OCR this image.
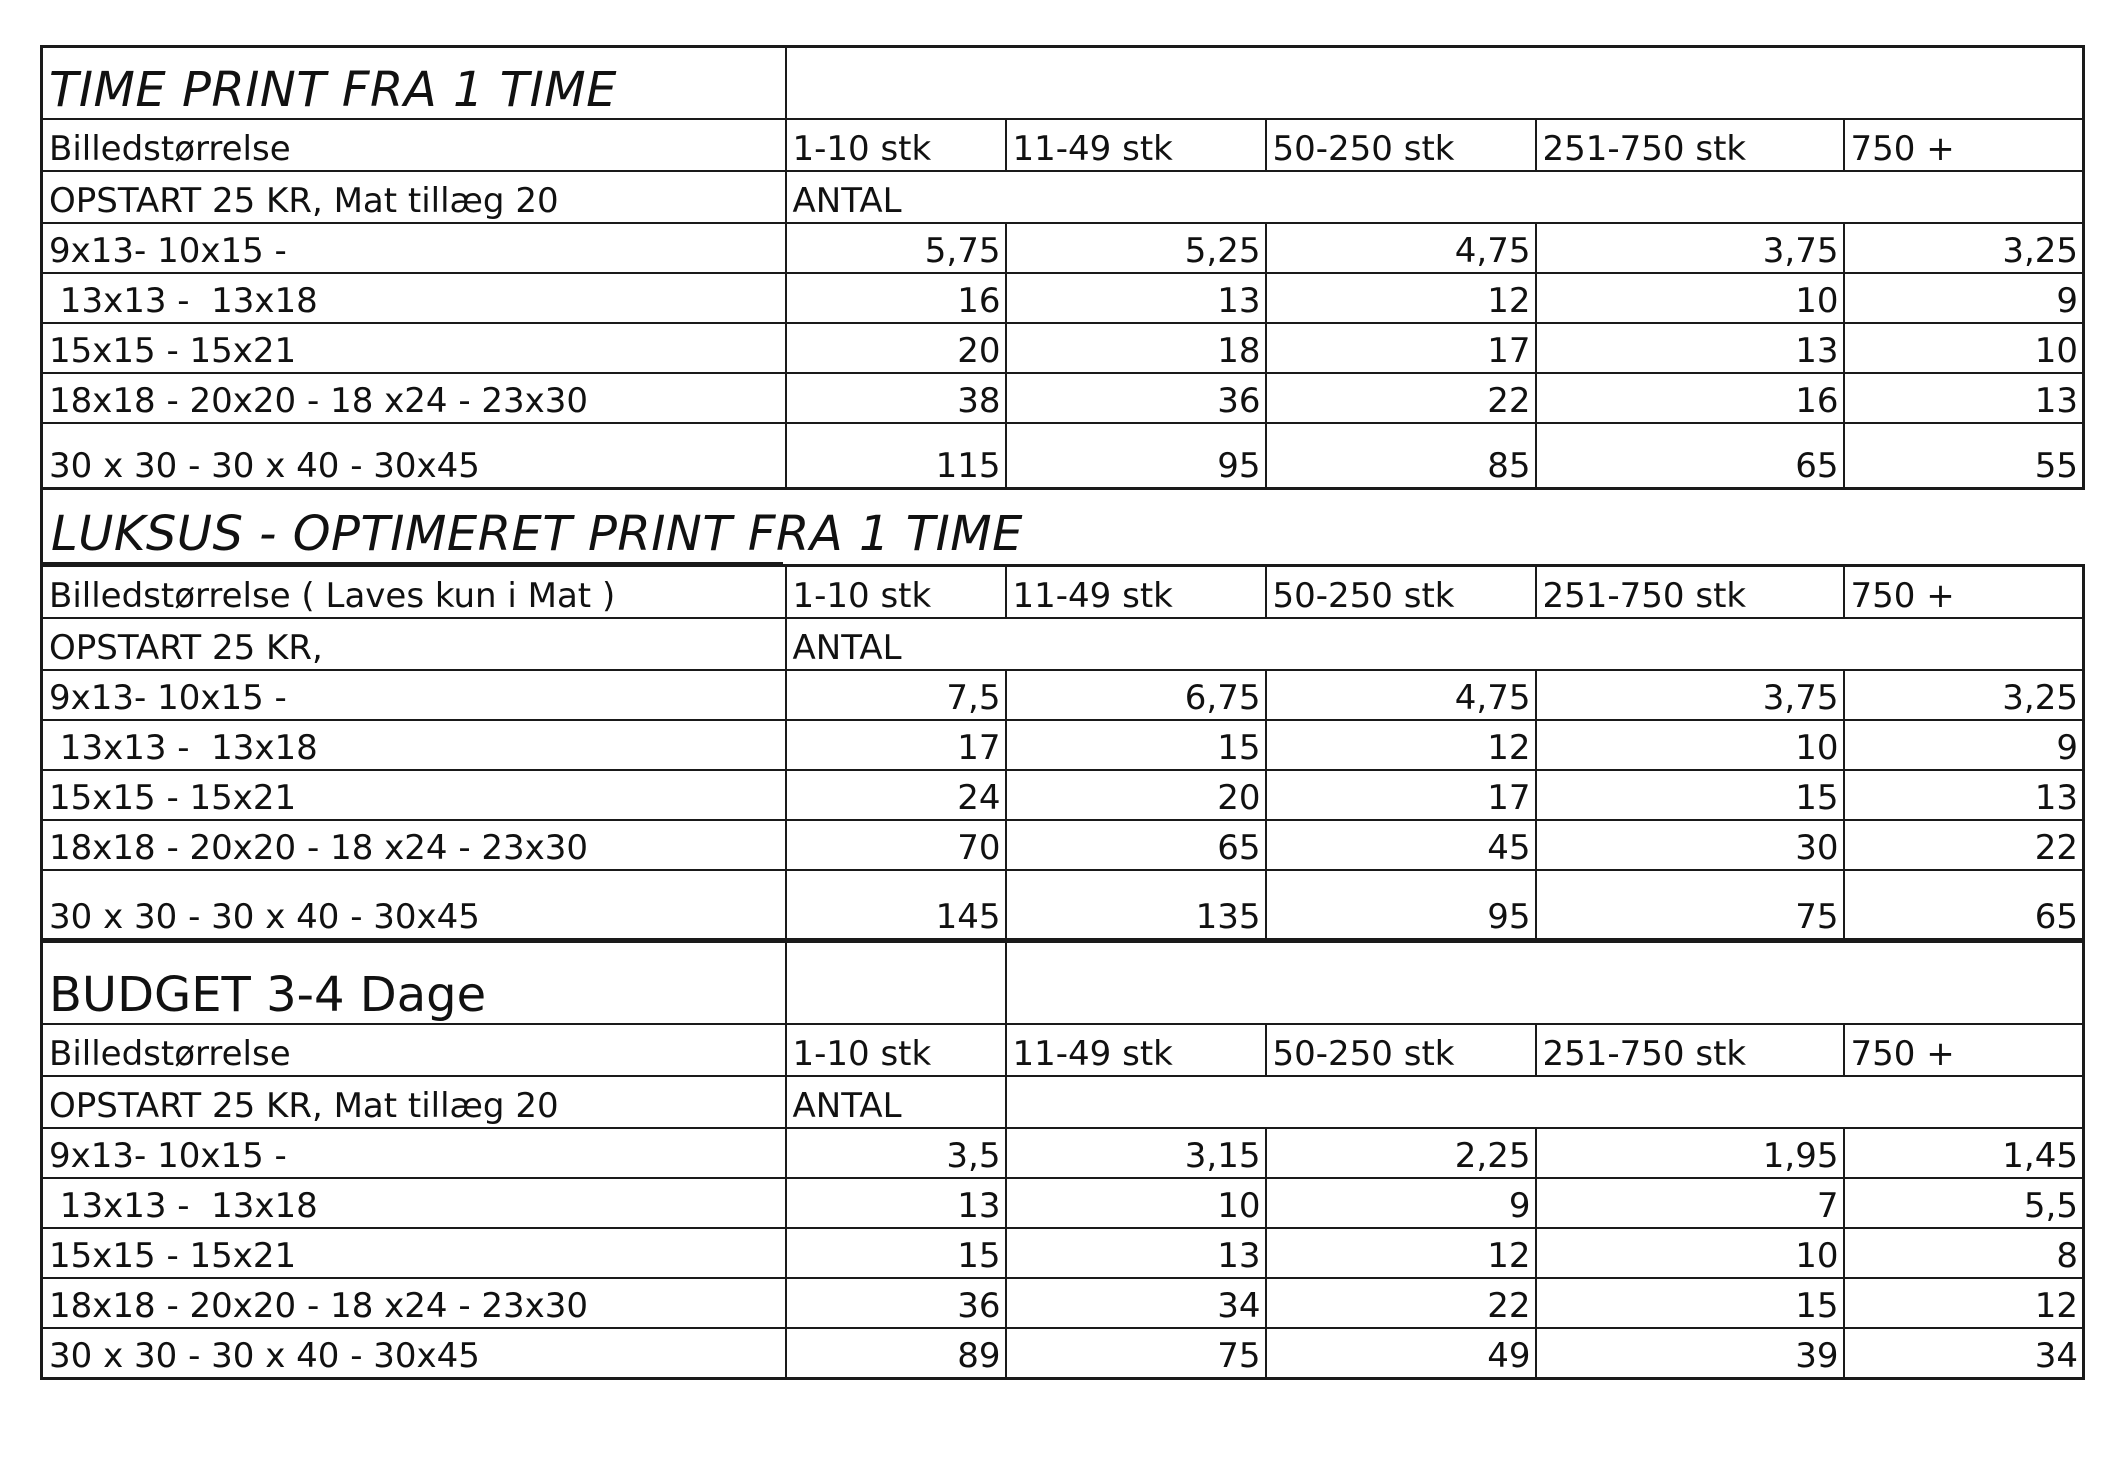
TIME PRINT FRA 1 TIME					
Billedstørrelse	1-10 stk	11-49 stk	50-250 stk	251-750 stk	750 +
OPSTART 25 KR, Mat tillæg 20	ANTAL				
9x13- 10x15 -	5,75	5,25	4,75	3,75	3,25
13x13 -  13x18	16	13	12	10	9
15x15 - 15x21	20	18	17	13	10
18x18 - 20x20 - 18 x24 - 23x30	38	36	22	16	13
30 x 30 - 30 x 40 - 30x45	115	95	85	65	55
LUKSUS - OPTIMERET PRINT FRA 1 TIME
Billedstørrelse ( Laves kun i Mat )	1-10 stk	11-49 stk	50-250 stk	251-750 stk	750 +
OPSTART 25 KR,	ANTAL				
9x13- 10x15 -	7,5	6,75	4,75	3,75	3,25
13x13 -  13x18	17	15	12	10	9
15x15 - 15x21	24	20	17	15	13
18x18 - 20x20 - 18 x24 - 23x30	70	65	45	30	22
30 x 30 - 30 x 40 - 30x45	145	135	95	75	65
BUDGET 3-4 Dage					
Billedstørrelse	1-10 stk	11-49 stk	50-250 stk	251-750 stk	750 +
OPSTART 25 KR, Mat tillæg 20	ANTAL				
9x13- 10x15 -	3,5	3,15	2,25	1,95	1,45
13x13 -  13x18	13	10	9	7	5,5
15x15 - 15x21	15	13	12	10	8
18x18 - 20x20 - 18 x24 - 23x30	36	34	22	15	12
30 x 30 - 30 x 40 - 30x45	89	75	49	39	34
